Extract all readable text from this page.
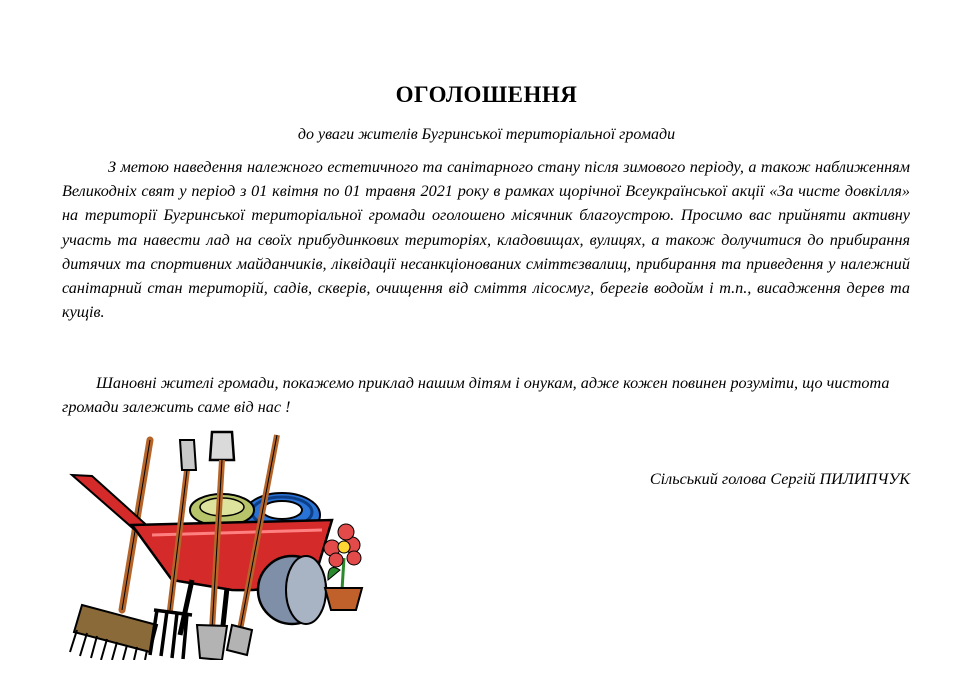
ОГОЛОШЕННЯ
до уваги жителів Бугринської територіальної громади
З метою наведення належного естетичного та санітарного стану після зимового періоду, а також наближенням Великодніх свят у період з 01 квітня по 01 травня 2021 року в рамках щорічної Всеукраїнської акції «За чисте довкілля» на території Бугринської територіальної громади оголошено місячник благоустрою. Просимо вас прийняти активну участь та навести лад на своїх прибудинкових територіях, кладовищах, вулицях, а також долучитися до прибирання дитячих та спортивних майданчиків, ліквідації несанкціонованих сміттєзвалищ, прибирання та приведення у належний санітарний стан територій, садів, скверів, очищення від сміття лісосмуг, берегів водойм і т.п., висадження дерев та кущів.
Шановні жителі громади, покажемо приклад нашим дітям і онукам, адже кожен повинен розуміти, що чистота громади залежить саме від нас !
Сільський голова Сергій ПИЛИПЧУК
